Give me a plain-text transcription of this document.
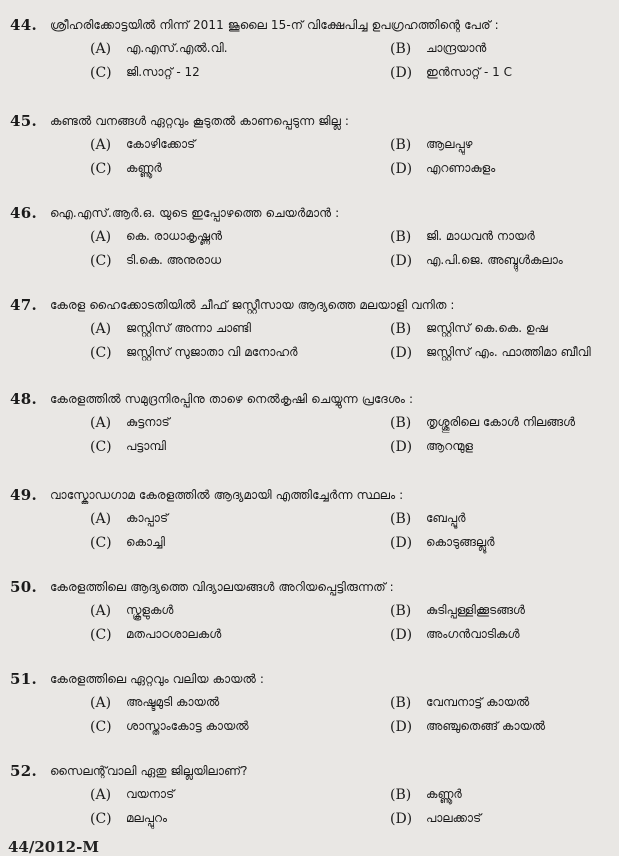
44. ശ്രീഹരിക്കോട്ടയിൽ നിന്ന് 2011 ജൂലൈ 15-ന് വിക്ഷേപിച്ച ഉപഗ്രഹത്തിന്റെ പേര് :
(A) എ.എസ്.എൽ.വി.	(B) ചാന്ദ്രയാൻ
(C) ജി.സാറ്റ് - 12	(D) ഇൻസാറ്റ് - 1 C
45. കണ്ടൽ വനങ്ങൾ ഏറ്റവും കൂടുതൽ കാണപ്പെടുന്ന ജില്ല :
(A) കോഴിക്കോട്	(B) ആലപ്പുഴ
(C) കണ്ണൂർ	(D) എറണാകുളം
46. ഐ.എസ്.ആർ.ഒ. യുടെ ഇപ്പോഴത്തെ ചെയർമാൻ :
(A) കെ. രാധാകൃഷ്ണൻ	(B) ജി. മാധവൻ നായർ
(C) ടി.കെ. അനുരാധ	(D) എ.പി.ജെ. അബ്ദുൾകലാം
47. കേരള ഹൈക്കോടതിയിൽ ചീഫ് ജസ്റ്റീസായ ആദ്യത്തെ മലയാളി വനിത :
(A) ജസ്റ്റിസ് അന്നാ ചാണ്ടി	(B) ജസ്റ്റിസ് കെ.കെ. ഉഷ
(C) ജസ്റ്റിസ് സുജാതാ വി മനോഹർ	(D) ജസ്റ്റിസ് എം. ഫാത്തിമാ ബീവി
48. കേരളത്തിൽ സമുദ്രനിരപ്പിനു താഴെ നെൽകൃഷി ചെയ്യുന്ന പ്രദേശം :
(A) കുട്ടനാട്	(B) തൃശ്ശൂരിലെ കോൾ നിലങ്ങൾ
(C) പട്ടാമ്പി	(D) ആറന്മുള
49. വാസ്കോഡഗാമ കേരളത്തിൽ ആദ്യമായി എത്തിച്ചേർന്ന സ്ഥലം :
(A) കാപ്പാട്	(B) ബേപ്പൂർ
(C) കൊച്ചി	(D) കൊടുങ്ങല്ലൂർ
50. കേരളത്തിലെ ആദ്യത്തെ വിദ്യാലയങ്ങൾ അറിയപ്പെട്ടിരുന്നത് :
(A) സ്കൂളുകൾ	(B) കുടിപ്പള്ളിക്കൂടങ്ങൾ
(C) മതപാഠശാലകൾ	(D) അംഗൻവാടികൾ
51. കേരളത്തിലെ ഏറ്റവും വലിയ കായൽ :
(A) അഷ്ടമുടി കായൽ	(B) വേമ്പനാട്ട് കായൽ
(C) ശാസ്താംകോട്ട കായൽ	(D) അഞ്ചുതെങ്ങ് കായൽ
52. സൈലന്റ്‌വാലി ഏതു ജില്ലയിലാണ്?
(A) വയനാട്	(B) കണ്ണൂർ
(C) മലപ്പുറം	(D) പാലക്കാട്
44/2012-M
